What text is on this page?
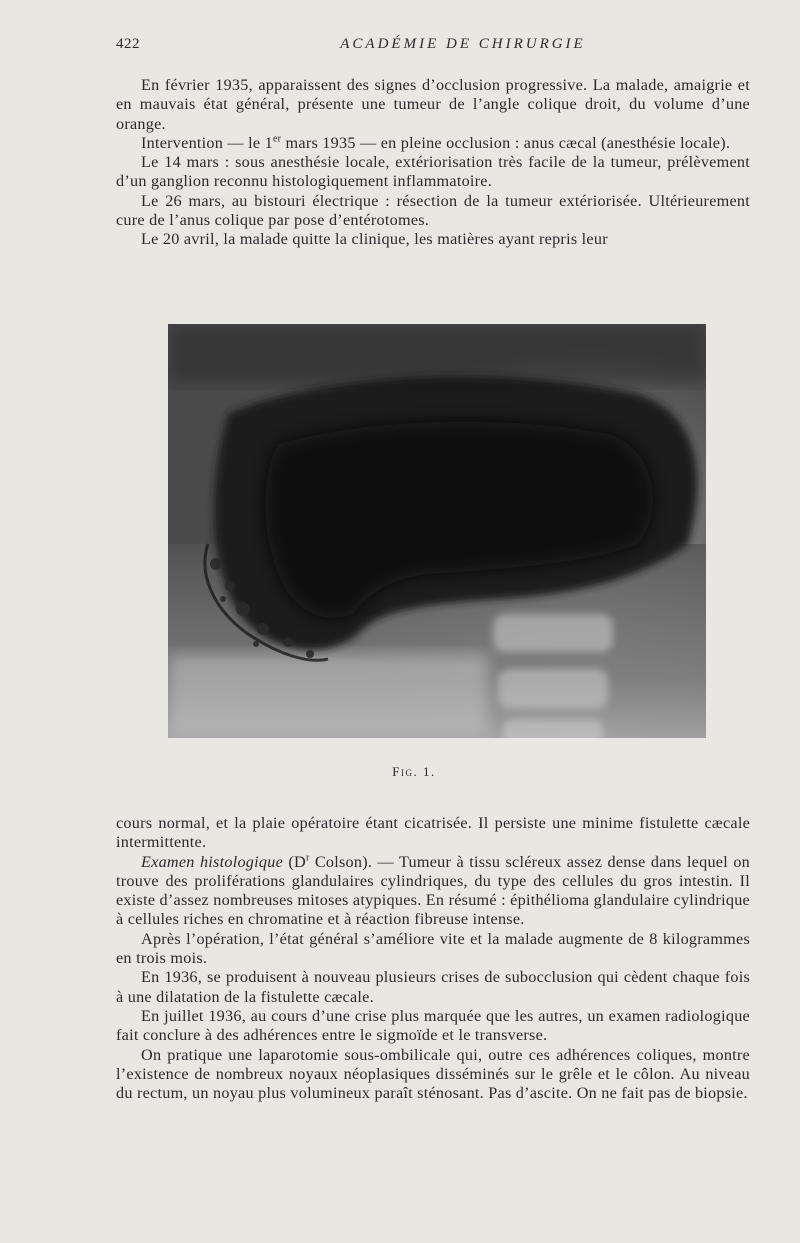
422	ACADÉMIE DE CHIRURGIE

En février 1935, apparaissent des signes d’occlusion progressive. La malade, amaigrie et en mauvais état général, présente une tumeur de l’angle colique droit, du volume d’une orange.

Intervention — le 1er mars 1935 — en pleine occlusion : anus cæcal (anesthésie locale).

Le 14 mars : sous anesthésie locale, extériorisation très facile de la tumeur, prélèvement d’un ganglion reconnu histologiquement inflammatoire.

Le 26 mars, au bistouri électrique : résection de la tumeur extériorisée. Ultérieurement cure de l’anus colique par pose d’entérotomes.

Le 20 avril, la malade quitte la clinique, les matières ayant repris leur

Fig. 1.

cours normal, et la plaie opératoire étant cicatrisée. Il persiste une minime fistulette cæcale intermittente.

Examen histologique ($D^r$ Colson). — Tumeur à tissu scléreux assez dense dans lequel on trouve des proliférations glandulaires cylindriques, du type des cellules du gros intestin. Il existe d’assez nombreuses mitoses atypiques. En résumé : épithélioma glandulaire cylindrique à cellules riches en chromatine et à réaction fibreuse intense.

Après l’opération, l’état général s’améliore vite et la malade augmente de 8 kilogrammes en trois mois.

En 1936, se produisent à nouveau plusieurs crises de subocclusion qui cèdent chaque fois à une dilatation de la fistulette cæcale.

En juillet 1936, au cours d’une crise plus marquée que les autres, un examen radiologique fait conclure à des adhérences entre le sigmoïde et le transverse.

On pratique une laparotomie sous-ombilicale qui, outre ces adhérences coliques, montre l’existence de nombreux noyaux néoplasiques disséminés sur le grêle et le côlon. Au niveau du rectum, un noyau plus volumineux paraît sténosant. Pas d’ascite. On ne fait pas de biopsie.
